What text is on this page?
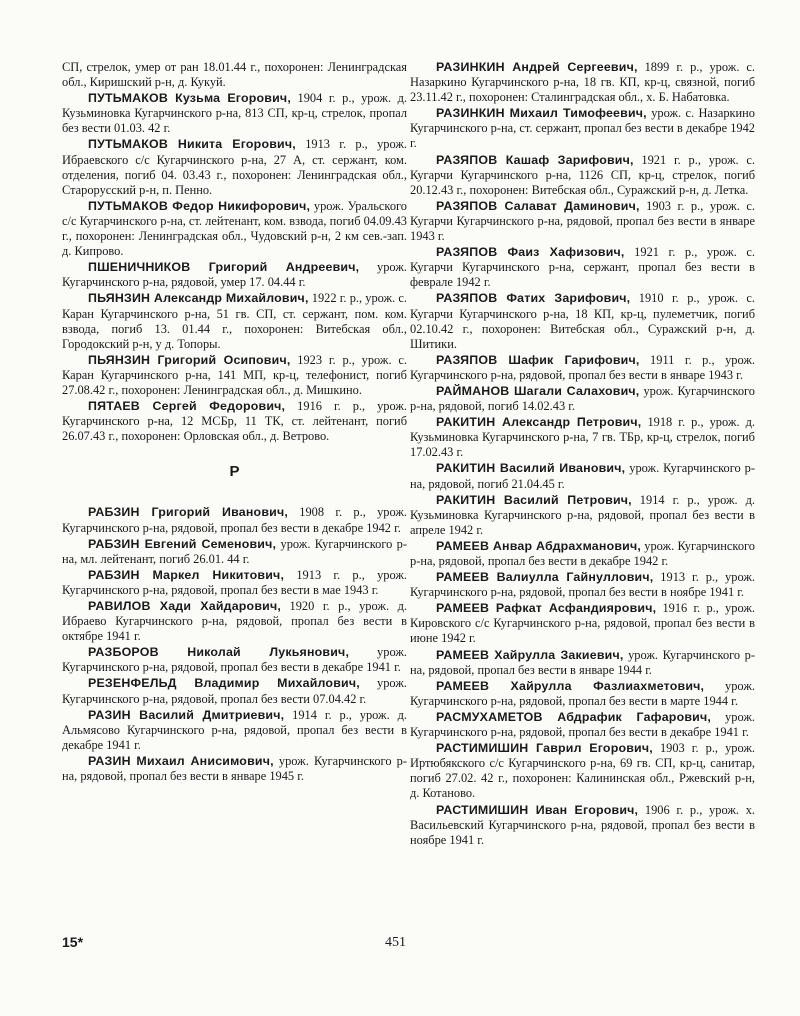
СП, стрелок, умер от ран 18.01.44 г., похоронен: Ленинградская обл., Киришский р-н, д. Кукуй.

ПУТЬМАКОВ Кузьма Егорович, 1904 г. р., урож. д. Кузьминовка Кугарчинского р-на, 813 СП, кр-ц, стрелок, пропал без вести 01.03. 42 г.

ПУТЬМАКОВ Никита Егорович, 1913 г. р., урож. Ибраевского с/с Кугарчинского р-на, 27 А, ст. сержант, ком. отделения, погиб 04. 03.43 г., похоронен: Ленинградская обл., Старорусский р-н, п. Пенно.

ПУТЬМАКОВ Федор Никифорович, урож. Уральского с/с Кугарчинского р-на, ст. лейтенант, ком. взвода, погиб 04.09.43 г., похоронен: Ленинградская обл., Чудовский р-н, 2 км сев.-зап. д. Кипрово.

ПШЕНИЧНИКОВ Григорий Андреевич, урож. Кугарчинского р-на, рядовой, умер 17. 04.44 г.

ПЬЯНЗИН Александр Михайлович, 1922 г. р., урож. с. Каран Кугарчинского р-на, 51 гв. СП, ст. сержант, пом. ком. взвода, погиб 13. 01.44 г., похоронен: Витебская обл., Городокский р-н, у д. Топоры.

ПЬЯНЗИН Григорий Осипович, 1923 г. р., урож. с. Каран Кугарчинского р-на, 141 МП, кр-ц, телефонист, погиб 27.08.42 г., похоронен: Ленинградская обл., д. Мишкино.

ПЯТАЕВ Сергей Федорович, 1916 г. р., урож. Кугарчинского р-на, 12 МСБр, 11 ТК, ст. лейтенант, погиб 26.07.43 г., похоронен: Орловская обл., д. Ветрово.

Р

РАБЗИН Григорий Иванович, 1908 г. р., урож. Кугарчинского р-на, рядовой, пропал без вести в декабре 1942 г.

РАБЗИН Евгений Семенович, урож. Кугарчинского р-на, мл. лейтенант, погиб 26.01. 44 г.

РАБЗИН Маркел Никитович, 1913 г. р., урож. Кугарчинского р-на, рядовой, пропал без вести в мае 1943 г.

РАВИЛОВ Хади Хайдарович, 1920 г. р., урож. д. Ибраево Кугарчинского р-на, рядовой, пропал без вести в октябре 1941 г.

РАЗБОРОВ Николай Лукьянович, урож. Кугарчинского р-на, рядовой, пропал без вести в декабре 1941 г.

РЕЗЕНФЕЛЬД Владимир Михайлович, урож. Кугарчинского р-на, рядовой, пропал без вести 07.04.42 г.

РАЗИН Василий Дмитриевич, 1914 г. р., урож. д. Альмясово Кугарчинского р-на, рядовой, пропал без вести в декабре 1941 г.

РАЗИН Михаил Анисимович, урож. Кугарчинского р-на, рядовой, пропал без вести в январе 1945 г.

РАЗИНКИН Андрей Сергеевич, 1899 г. р., урож. с. Назаркино Кугарчинского р-на, 18 гв. КП, кр-ц, связной, погиб 23.11.42 г., похоронен: Сталинградская обл., х. Б. Набатовка.

РАЗИНКИН Михаил Тимофеевич, урож. с. Назаркино Кугарчинского р-на, ст. сержант, пропал без вести в декабре 1942 г.

РАЗЯПОВ Кашаф Зарифович, 1921 г. р., урож. с. Кугарчи Кугарчинского р-на, 1126 СП, кр-ц, стрелок, погиб 20.12.43 г., похоронен: Витебская обл., Суражский р-н, д. Летка.

РАЗЯПОВ Салават Даминович, 1903 г. р., урож. с. Кугарчи Кугарчинского р-на, рядовой, пропал без вести в январе 1943 г.

РАЗЯПОВ Фаиз Хафизович, 1921 г. р., урож. с. Кугарчи Кугарчинского р-на, сержант, пропал без вести в феврале 1942 г.

РАЗЯПОВ Фатих Зарифович, 1910 г. р., урож. с. Кугарчи Кугарчинского р-на, 18 КП, кр-ц, пулеметчик, погиб 02.10.42 г., похоронен: Витебская обл., Суражский р-н, д. Шитики.

РАЗЯПОВ Шафик Гарифович, 1911 г. р., урож. Кугарчинского р-на, рядовой, пропал без вести в январе 1943 г.

РАЙМАНОВ Шагали Салахович, урож. Кугарчинского р-на, рядовой, погиб 14.02.43 г.

РАКИТИН Александр Петрович, 1918 г. р., урож. д. Кузьминовка Кугарчинского р-на, 7 гв. ТБр, кр-ц, стрелок, погиб 17.02.43 г.

РАКИТИН Василий Иванович, урож. Кугарчинского р-на, рядовой, погиб 21.04.45 г.

РАКИТИН Василий Петрович, 1914 г. р., урож. д. Кузьминовка Кугарчинского р-на, рядовой, пропал без вести в апреле 1942 г.

РАМЕЕВ Анвар Абдрахманович, урож. Кугарчинского р-на, рядовой, пропал без вести в декабре 1942 г.

РАМЕЕВ Валиулла Гайнуллович, 1913 г. р., урож. Кугарчинского р-на, рядовой, пропал без вести в ноябре 1941 г.

РАМЕЕВ Рафкат Асфандиярович, 1916 г. р., урож. Кировского с/с Кугарчинского р-на, рядовой, пропал без вести в июне 1942 г.

РАМЕЕВ Хайрулла Закиевич, урож. Кугарчинского р-на, рядовой, пропал без вести в январе 1944 г.

РАМЕЕВ Хайрулла Фазлиахметович, урож. Кугарчинского р-на, рядовой, пропал без вести в марте 1944 г.

РАСМУХАМЕТОВ Абдрафик Гафарович, урож. Кугарчинского р-на, рядовой, пропал без вести в декабре 1941 г.

РАСТИМИШИН Гаврил Егорович, 1903 г. р., урож. Иртюбякского с/с Кугарчинского р-на, 69 гв. СП, кр-ц, санитар, погиб 27.02. 42 г., похоронен: Калининская обл., Ржевский р-н, д. Котаново.

РАСТИМИШИН Иван Егорович, 1906 г. р., урож. х. Васильевский Кугарчинского р-на, рядовой, пропал без вести в ноябре 1941 г.

15*	451
